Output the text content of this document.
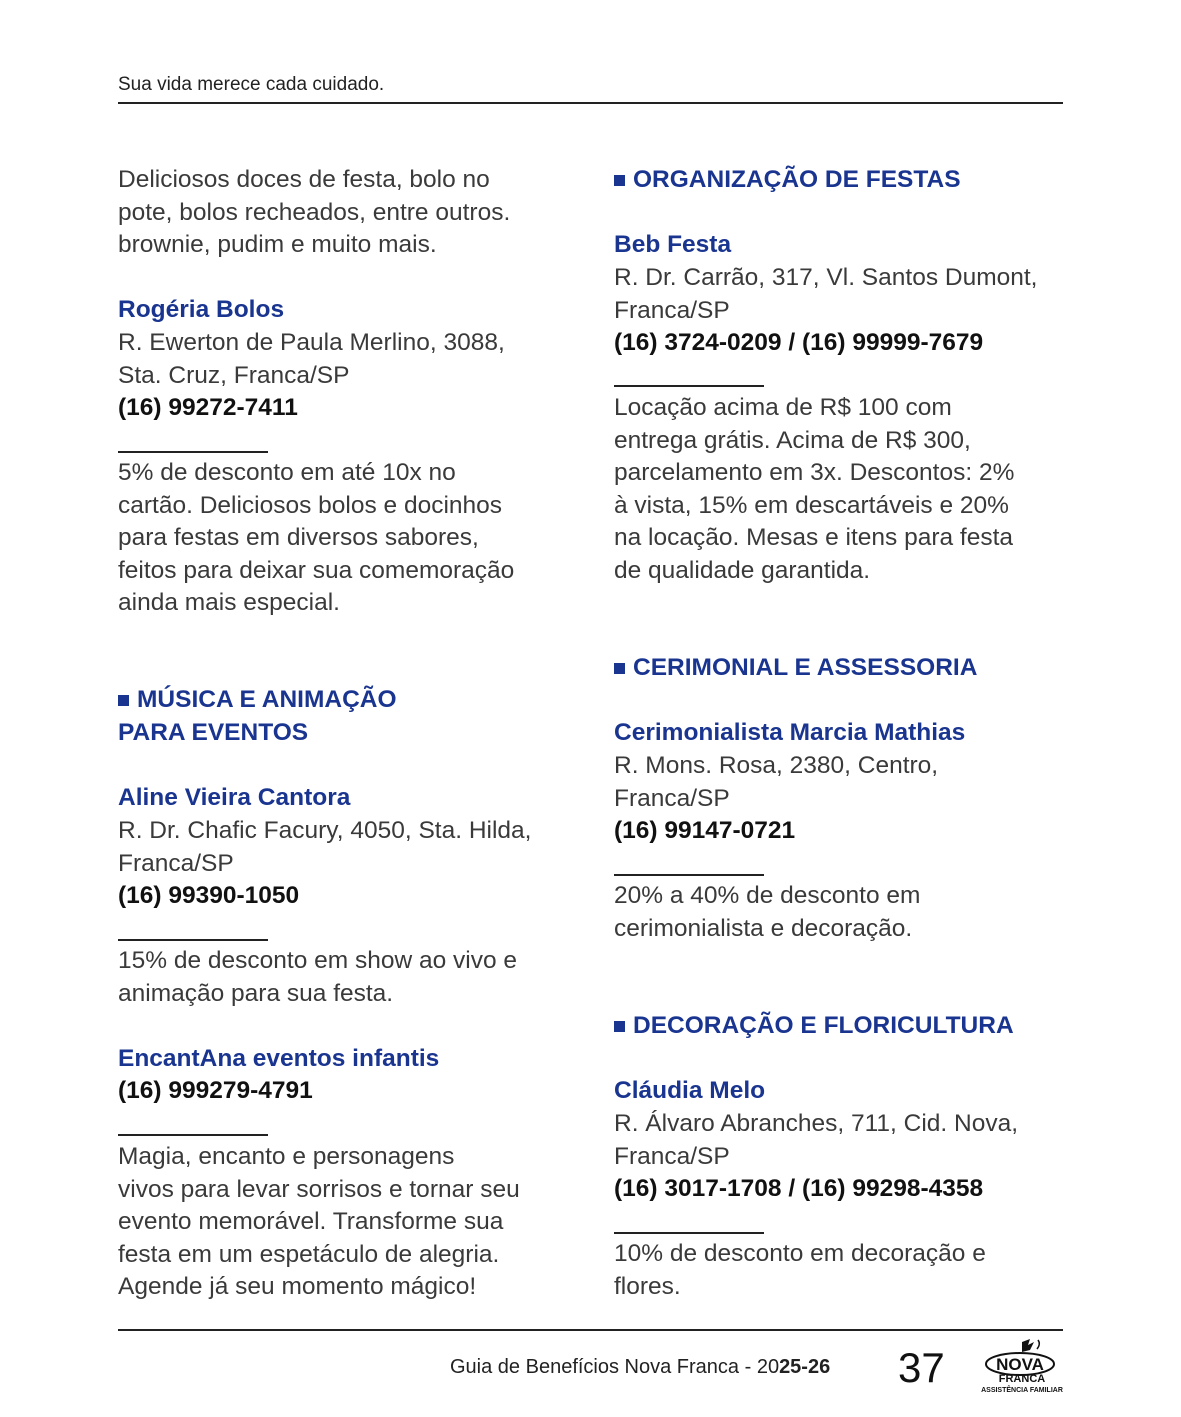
Sua vida merece cada cuidado.
Deliciosos doces de festa, bolo no
pote, bolos recheados, entre outros.
brownie, pudim e muito mais.
Rogéria Bolos
R. Ewerton de Paula Merlino, 3088,
Sta. Cruz, Franca/SP
(16) 99272-7411
5% de desconto em até 10x no
cartão. Deliciosos bolos e docinhos
para festas em diversos sabores,
feitos para deixar sua comemoração
ainda mais especial.
MÚSICA E ANIMAÇÃO
PARA EVENTOS
Aline Vieira Cantora
R. Dr. Chafic Facury, 4050, Sta. Hilda,
Franca/SP
(16) 99390-1050
15% de desconto em show ao vivo e
animação para sua festa.
EncantAna eventos infantis
(16) 999279-4791
Magia, encanto e personagens
vivos para levar sorrisos e tornar seu
evento memorável. Transforme sua
festa em um espetáculo de alegria.
Agende já seu momento mágico!
ORGANIZAÇÃO DE FESTAS
Beb Festa
R. Dr. Carrão, 317, Vl. Santos Dumont,
Franca/SP
(16) 3724-0209 / (16) 99999-7679
Locação acima de R$ 100 com
entrega grátis. Acima de R$ 300,
parcelamento em 3x. Descontos: 2%
à vista, 15% em descartáveis e 20%
na locação. Mesas e itens para festa
de qualidade garantida.
CERIMONIAL E ASSESSORIA
Cerimonialista Marcia Mathias
R. Mons. Rosa, 2380, Centro,
Franca/SP
(16) 99147-0721
20% a 40% de desconto em
cerimonialista e decoração.
DECORAÇÃO E FLORICULTURA
Cláudia Melo
R. Álvaro Abranches, 711, Cid. Nova,
Franca/SP
(16) 3017-1708 / (16) 99298-4358
10% de desconto em decoração e
flores.
Guia de Benefícios Nova Franca - 2025-26 37	NOVA
FRANCA
ASSISTÊNCIA FAMILIAR
